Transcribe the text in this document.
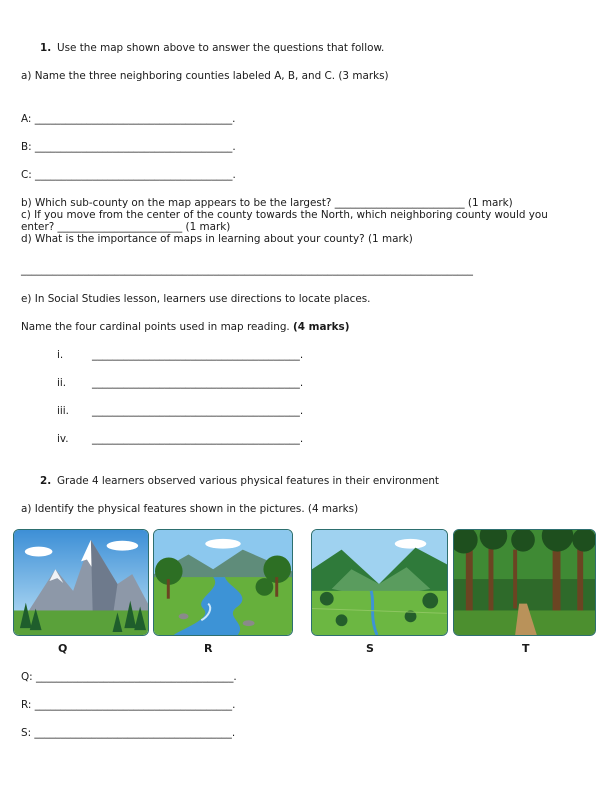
1. Use the map shown above to answer the questions that follow.
a) Name the three neighboring counties labeled A, B, and C. (3 marks)
A: ______________________________________.
B: ______________________________________.
C: ______________________________________.
b) Which sub-county on the map appears to be the largest? _________________________ (1 mark)
c) If you move from the center of the county towards the North, which neighboring county would you
enter? ________________________ (1 mark)
d) What is the importance of maps in learning about your county? (1 mark)
_______________________________________________________________________________________
e) In Social Studies lesson, learners use directions to locate places.
Name the four cardinal points used in map reading. (4 marks)
i.	________________________________________.
ii. ________________________________________.
iii. ________________________________________.
iv. ________________________________________.
2. Grade 4 learners observed various physical features in their environment
a) Identify the physical features shown in the pictures. (4 marks)
Q	R	S	T
Q: ______________________________________.
R: ______________________________________.
S: ______________________________________.
